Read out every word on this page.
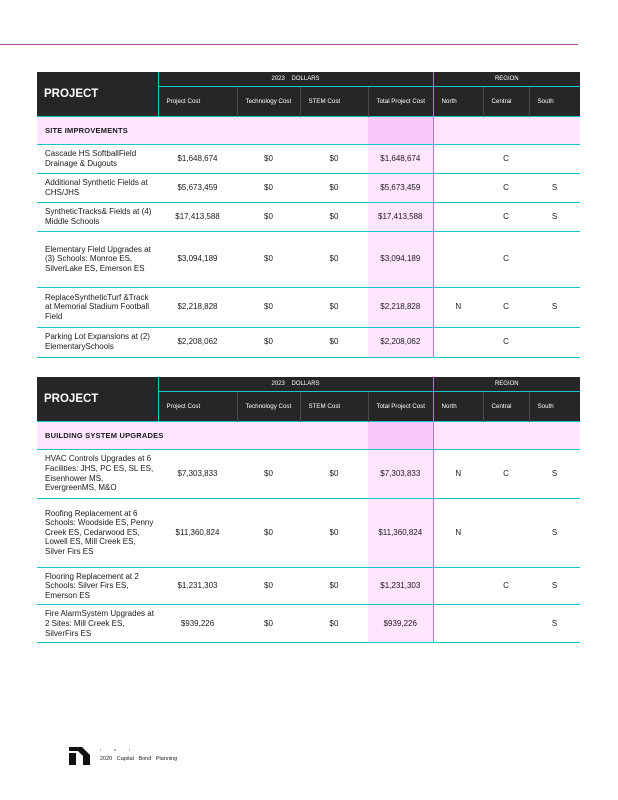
PROJECT	2023 DOLLARS				REGION		
	Project Cost	Technology Cost	STEM Cost	Total Project Cost	North	Central	South
SITE IMPROVEMENTS							
Cascade HS SoftballField Drainage & Dugouts	$1,648,674	$0	$0	$1,648,674		C	
Additional Synthetic Fields at CHS/JHS	$5,673,459	$0	$0	$5,673,459		C	S
SyntheticTracks& Fields at (4) Middle Schools	$17,413,588	$0	$0	$17,413,588		C	S
Elementary Field Upgrades at (3) Schools: Monroe ES, SilverLake ES, Emerson ES	$3,094,189	$0	$0	$3,094,189		C	
ReplaceSyntheticTurf &Track at Memorial Stadium Football Field	$2,218,828	$0	$0	$2,218,828	N	C	S
Parking Lot Expansions at (2) ElementarySchools	$2,208,062	$0	$0	$2,208,062		C	
PROJECT	2023 DOLLARS				REGION		
	Project Cost	Technology Cost	STEM Cost	Total Project Cost	North	Central	South
BUILDING SYSTEM UPGRADES							
HVAC Controls Upgrades at 6 Facilities: JHS, PC ES, SL ES, Eisenhower MS, EvergreenMS, M&O	$7,303,833	$0	$0	$7,303,833	N	C	S
Roofing Replacement at 6 Schools: Woodside ES, Penny Creek ES, Cedarwood ES, Lowell ES, Mill Creek ES, Silver Firs ES	$11,360,824	$0	$0	$11,360,824	N		S
Flooring Replacement at 2 Schools: Silver Firs ES, Emerson ES	$1,231,303	$0	$0	$1,231,303		C	S
Fire AlarmSystem Upgrades at 2 Sites: Mill Creek ES, SilverFirs ES	$939,226	$0	$0	$939,226			S
I	e	l
2020 Capital Bond Planning
